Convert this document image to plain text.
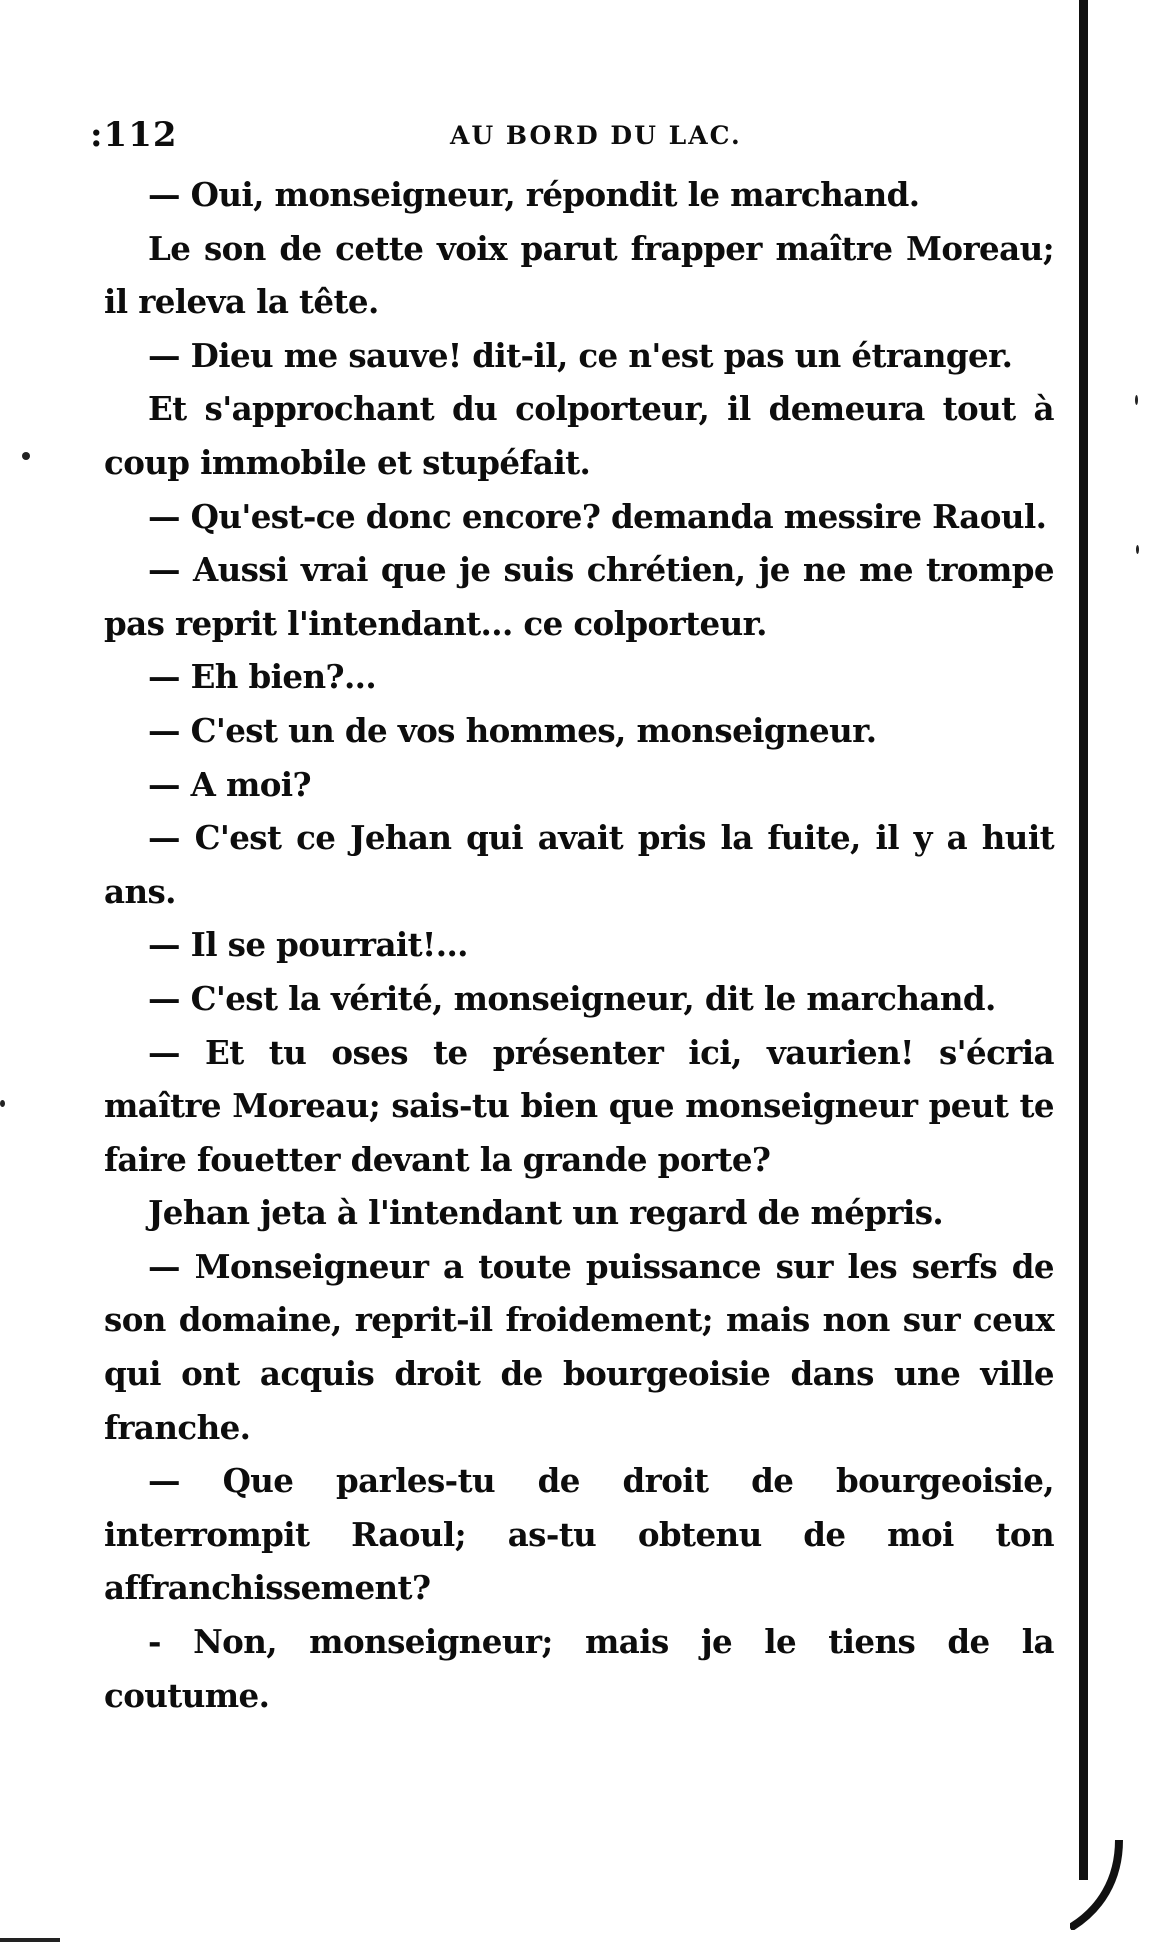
:112	AU BORD DU LAC.

— Oui, monseigneur, répondit le marchand.

Le son de cette voix parut frapper maître Moreau; il releva la tête.

— Dieu me sauve! dit-il, ce n'est pas un étranger.

Et s'approchant du colporteur, il demeura tout à coup immobile et stupéfait.

— Qu'est-ce donc encore? demanda messire Raoul.

— Aussi vrai que je suis chrétien, je ne me trompe pas reprit l'intendant... ce colporteur.

— Eh bien?...

— C'est un de vos hommes, monseigneur.

— A moi?

— C'est ce Jehan qui avait pris la fuite, il y a huit ans.

— Il se pourrait!...

— C'est la vérité, monseigneur, dit le marchand.

— Et tu oses te présenter ici, vaurien! s'écria maître Moreau; sais-tu bien que monseigneur peut te faire fouetter devant la grande porte?

Jehan jeta à l'intendant un regard de mépris.

— Monseigneur a toute puissance sur les serfs de son domaine, reprit-il froidement; mais non sur ceux qui ont acquis droit de bourgeoisie dans une ville franche.

— Que parles-tu de droit de bourgeoisie, interrompit Raoul; as-tu obtenu de moi ton affranchissement?

- Non, monseigneur; mais je le tiens de la coutume.
